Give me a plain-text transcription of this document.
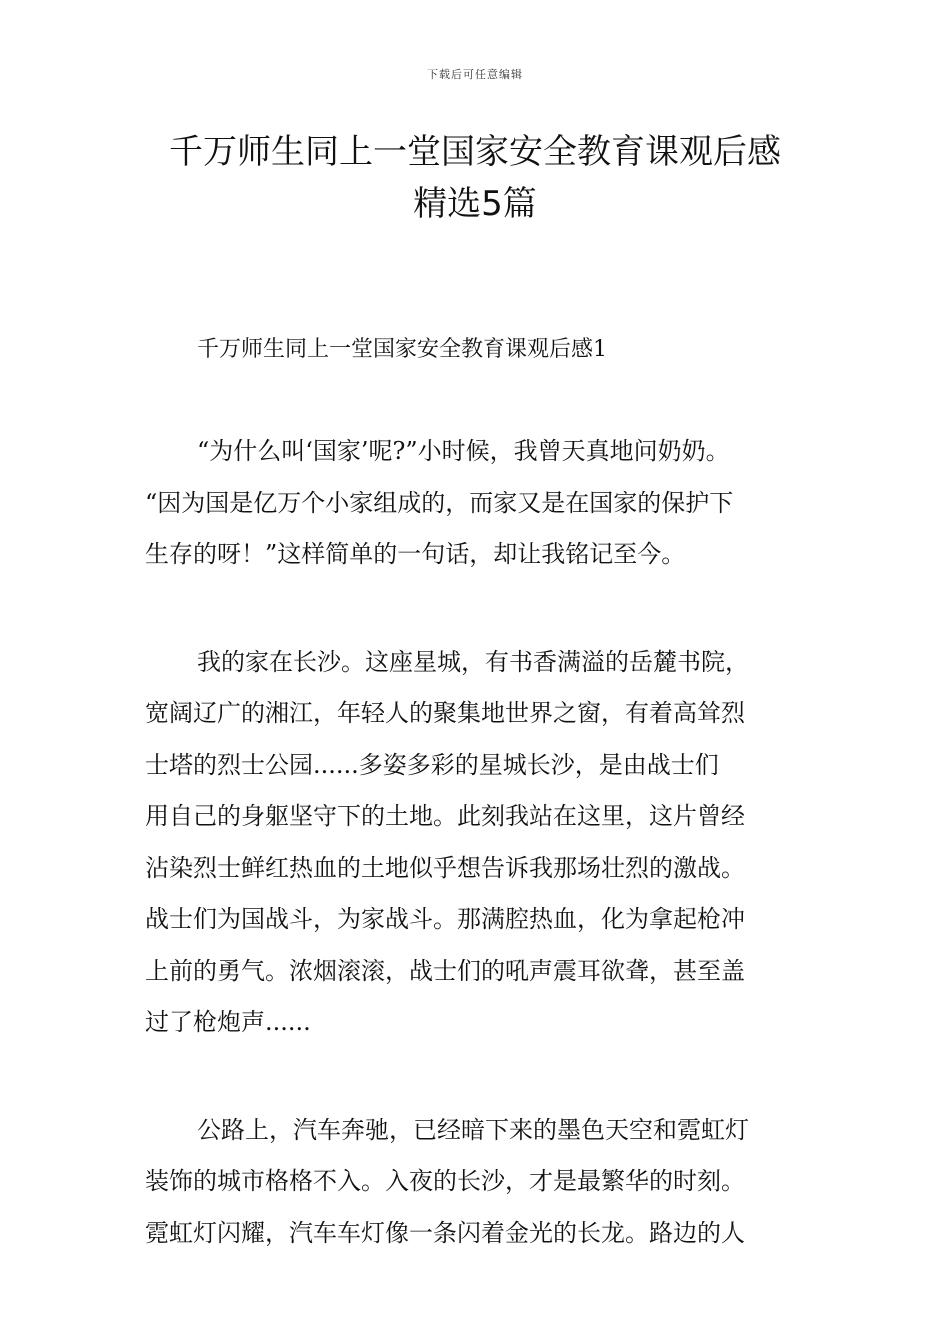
下载后可任意编辑
千万师生同上一堂国家安全教育课观后感
精选5篇

千万师生同上一堂国家安全教育课观后感1

“为什么叫‘国家’呢?”小时候，我曾天真地问奶奶。
“因为国是亿万个小家组成的，而家又是在国家的保护下
生存的呀！”这样简单的一句话，却让我铭记至今。

我的家在长沙。这座星城，有书香满溢的岳麓书院，
宽阔辽广的湘江，年轻人的聚集地世界之窗，有着高耸烈
士塔的烈士公园......多姿多彩的星城长沙，是由战士们
用自己的身躯坚守下的土地。此刻我站在这里，这片曾经
沾染烈士鲜红热血的土地似乎想告诉我那场壮烈的激战。
战士们为国战斗，为家战斗。那满腔热血，化为拿起枪冲
上前的勇气。浓烟滚滚，战士们的吼声震耳欲聋，甚至盖
过了枪炮声......

公路上，汽车奔驰，已经暗下来的墨色天空和霓虹灯
装饰的城市格格不入。入夜的长沙，才是最繁华的时刻。
霓虹灯闪耀，汽车车灯像一条闪着金光的长龙。路边的人
